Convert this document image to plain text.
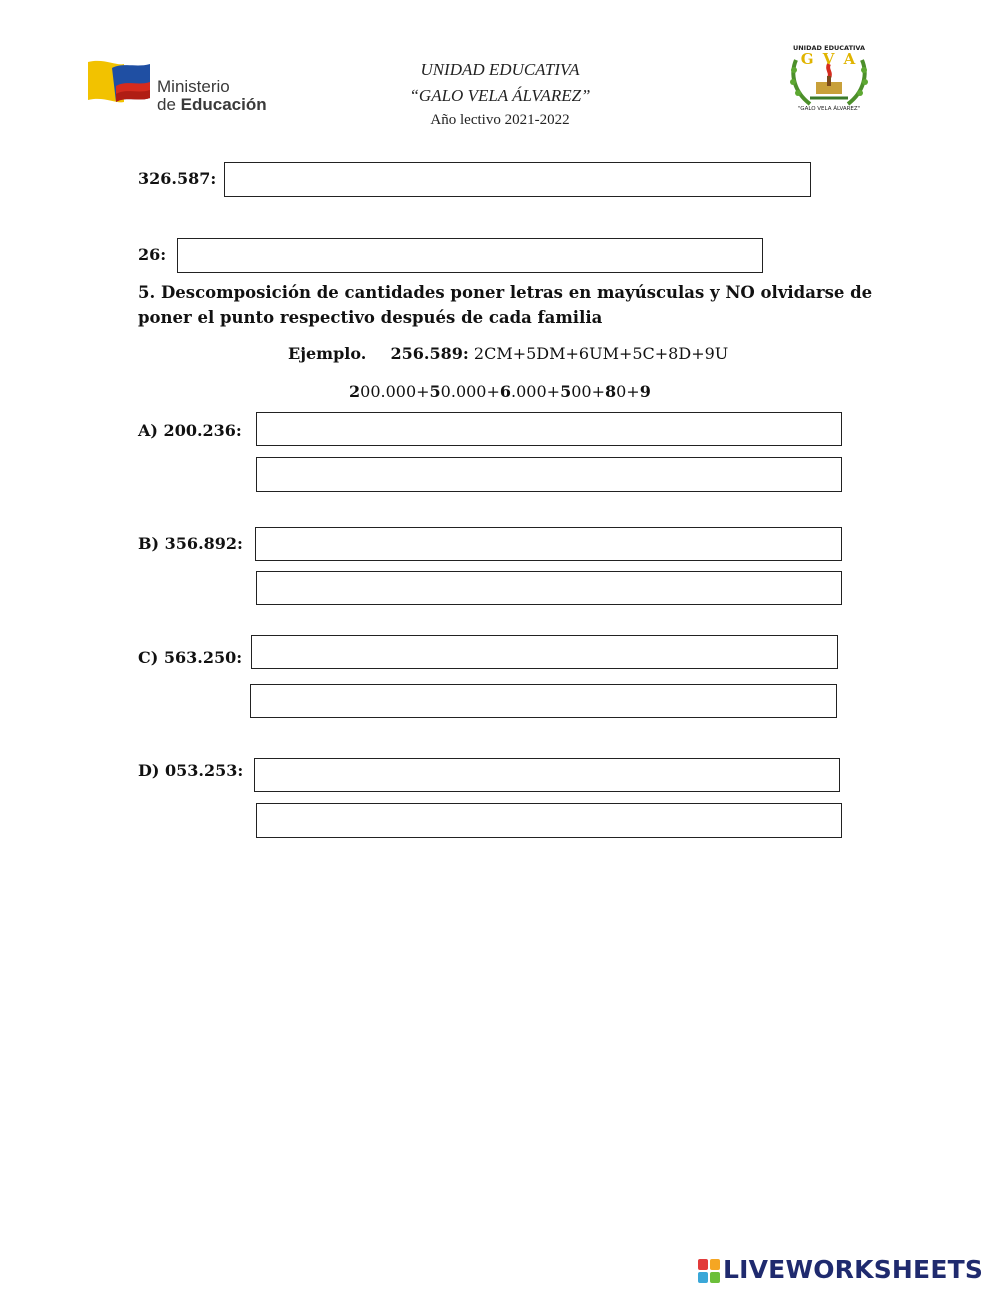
Ministerio
de Educación
UNIDAD EDUCATIVA
“GALO VELA ÁLVAREZ”
Año lectivo 2021-2022
UNIDAD EDUCATIVA
G V A
"GALO VELA ÁLVAREZ"
326.587:
26:
5. Descomposición de cantidades poner letras en mayúsculas y NO olvidarse de
poner el punto respectivo después de cada familia
Ejemplo. 256.589: 2CM+5DM+6UM+5C+8D+9U
200.000+50.000+6.000+500+80+9
A) 200.236:
B) 356.892:
C) 563.250:
D) 053.253:
LIVEWORKSHEETS
